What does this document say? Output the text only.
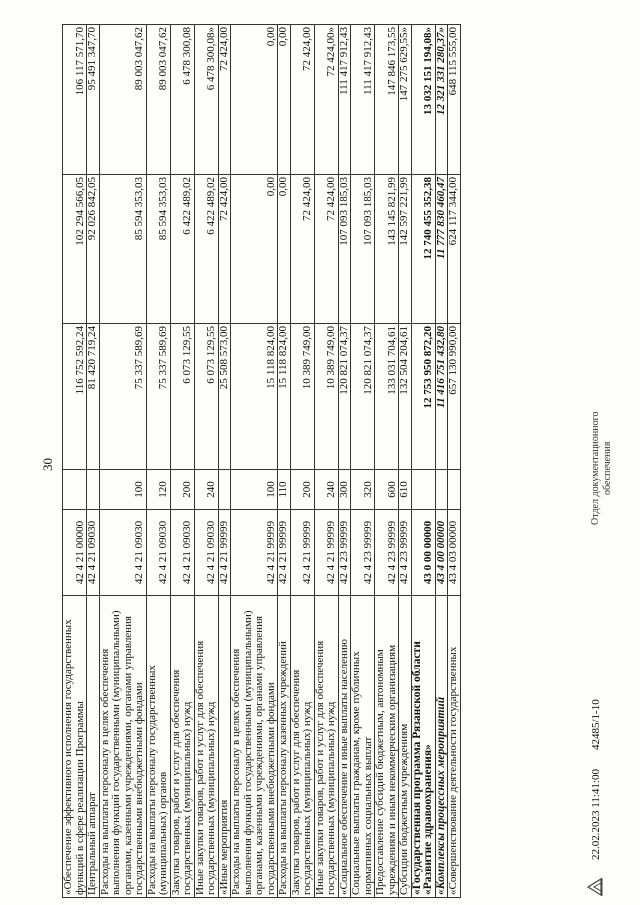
30
«Обеспечение эффективного исполнения государственных функций в сфере реализации Программы	42 4 21 00000		116 752 592,24	102 294 566,05	106 117 571,70
Центральный аппарат	42 4 21 09030		81 420 719,24	92 026 842,05	95 491 347,70
Расходы на выплаты персоналу в целях обеспечения выполнения функций государственными (муниципальными) органами, казенными учреждениями, органами управления государственными внебюджетными фондами	42 4 21 09030	100	75 337 589,69	85 594 353,03	89 003 047,62
Расходы на выплаты персоналу государственных (муниципальных) органов	42 4 21 09030	120	75 337 589,69	85 594 353,03	89 003 047,62
Закупка товаров, работ и услуг для обеспечения государственных (муниципальных) нужд	42 4 21 09030	200	6 073 129,55	6 422 489,02	6 478 300,08
Иные закупки товаров, работ и услуг для обеспечения государственных (муниципальных) нужд	42 4 21 09030	240	6 073 129,55	6 422 489,02	6 478 300,08»
«Иные мероприятия	42 4 21 99999		25 508 573,00	72 424,00	72 424,00
Расходы на выплаты персоналу в целях обеспечения выполнения функций государственными (муниципальными) органами, казенными учреждениями, органами управления государственными внебюджетными фондами	42 4 21 99999	100	15 118 824,00	0,00	0,00
Расходы на выплаты персоналу казенных учреждений	42 4 21 99999	110	15 118 824,00	0,00	0,00
Закупка товаров, работ и услуг для обеспечения государственных (муниципальных) нужд	42 4 21 99999	200	10 389 749,00	72 424,00	72 424,00
Иные закупки товаров, работ и услуг для обеспечения государственных (муниципальных) нужд	42 4 21 99999	240	10 389 749,00	72 424,00	72 424,00»
«Социальное обеспечение и иные выплаты населению	42 4 23 99999	300	120 821 074,37	107 093 185,03	111 417 912,43
Социальные выплаты гражданам, кроме публичных нормативных социальных выплат	42 4 23 99999	320	120 821 074,37	107 093 185,03	111 417 912,43
Предоставление субсидий бюджетным, автономным учреждениям и иным некоммерческим организациям	42 4 23 99999	600	133 031 704,61	143 145 821,99	147 846 173,55
Субсидии бюджетным учреждениям	42 4 23 99999	610	132 504 204,61	142 597 221,99	147 275 629,55»
«Государственная программа Рязанской области «Развитие здравоохранения»	43 0 00 00000		12 753 950 872,20	12 740 455 352,38	13 032 151 194,08»
«Комплексы процессных мероприятий	43 4 00 00000		11 416 751 432,80	11 777 830 460,47	12 321 331 280,37»
«Совершенствование деятельности государственных	43 4 03 00000		657 130 990,00	624 117 344,00	648 115 555,00
22.02.2023 11:41:00
42485/1-10
Отдел документационного обеспечения
